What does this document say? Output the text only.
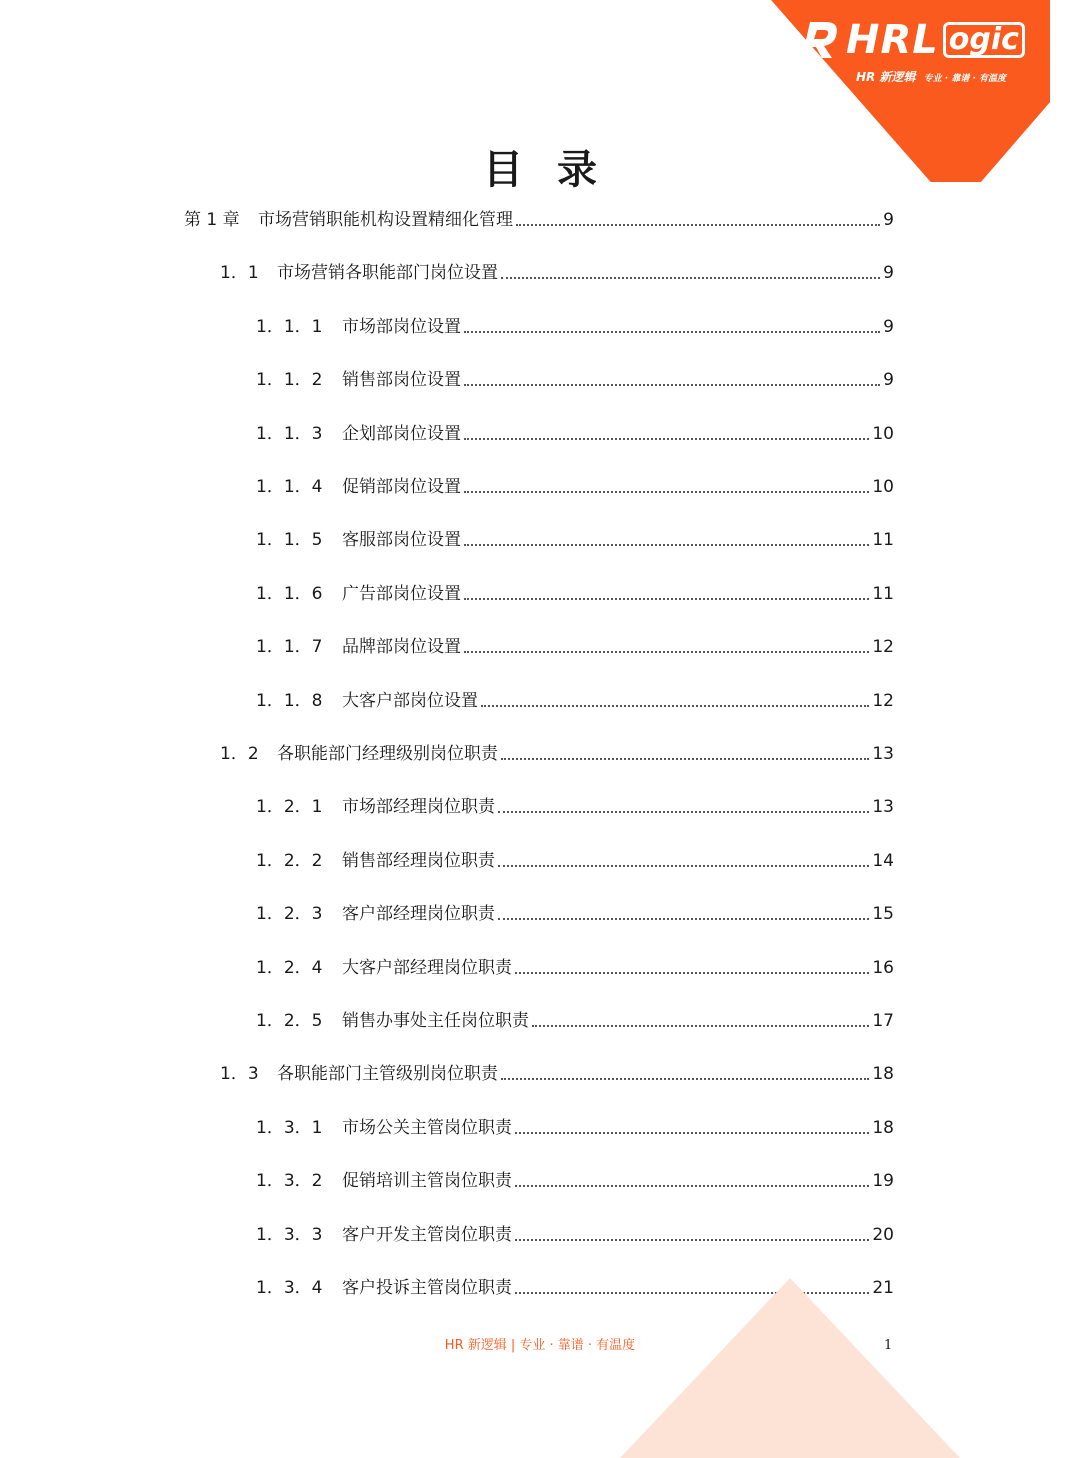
HRL ogic
HR 新逻辑 专业 · 靠谱 · 有温度
目录
第 1 章	市场营销职能机构设置精细化管理	9
1．1	市场营销各职能部门岗位设置	9
1．1．1	市场部岗位设置	9
1．1．2	销售部岗位设置	9
1．1．3	企划部岗位设置	10
1．1．4	促销部岗位设置	10
1．1．5	客服部岗位设置	11
1．1．6	广告部岗位设置	11
1．1．7	品牌部岗位设置	12
1．1．8	大客户部岗位设置	12
1．2	各职能部门经理级别岗位职责	13
1．2．1	市场部经理岗位职责	13
1．2．2	销售部经理岗位职责	14
1．2．3	客户部经理岗位职责	15
1．2．4	大客户部经理岗位职责	16
1．2．5	销售办事处主任岗位职责	17
1．3	各职能部门主管级别岗位职责	18
1．3．1	市场公关主管岗位职责	18
1．3．2	促销培训主管岗位职责	19
1．3．3	客户开发主管岗位职责	20
1．3．4	客户投诉主管岗位职责	21
HR 新逻辑 | 专业 · 靠谱 · 有温度	1
